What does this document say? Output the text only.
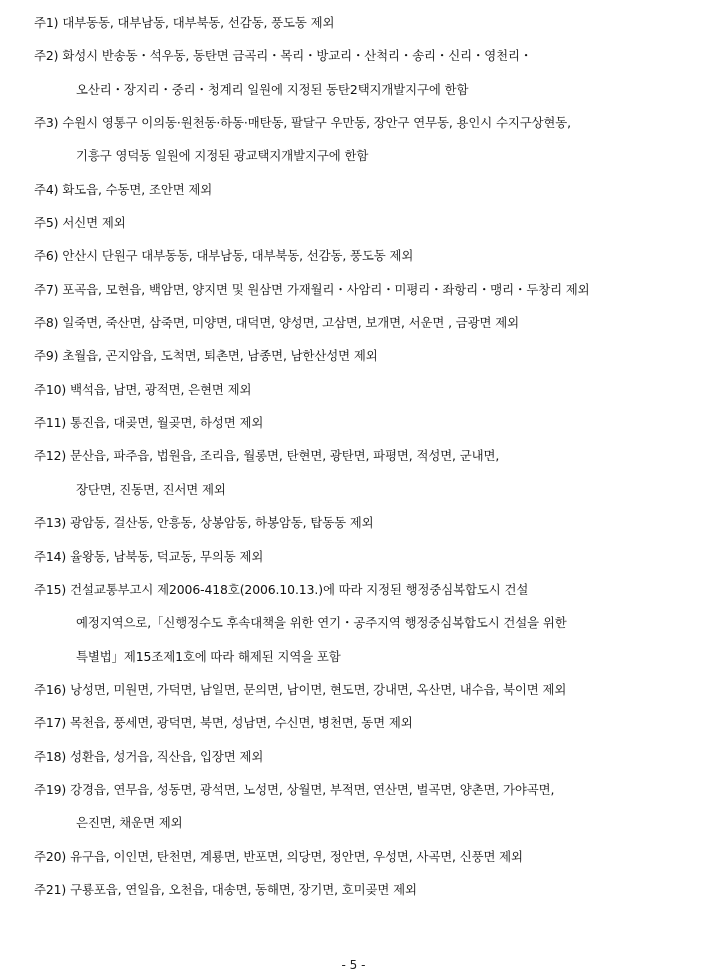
주1) 대부동동, 대부남동, 대부북동, 선감동, 풍도동 제외
주2) 화성시 반송동・석우동, 동탄면 금곡리・목리・방교리・산척리・송리・신리・영천리・
오산리・장지리・중리・청계리 일원에 지정된 동탄2택지개발지구에 한함
주3) 수원시 영통구 이의동·원천동·하동·매탄동, 팔달구 우만동, 장안구 연무동, 용인시 수지구상현동,
기흥구 영덕동 일원에 지정된 광교택지개발지구에 한함
주4) 화도읍, 수동면, 조안면 제외
주5) 서신면 제외
주6) 안산시 단원구 대부동동, 대부남동, 대부북동, 선감동, 풍도동 제외
주7) 포곡읍, 모현읍, 백암면, 양지면 및 원삼면 가재월리・사암리・미평리・좌항리・맹리・두창리 제외
주8) 일죽면, 죽산면, 삼죽면, 미양면, 대덕면, 양성면, 고삼면, 보개면, 서운면 , 금광면 제외
주9) 초월읍, 곤지암읍, 도척면, 퇴촌면, 남종면, 남한산성면 제외
주10) 백석읍, 남면, 광적면, 은현면 제외
주11) 통진읍, 대곶면, 월곶면, 하성면 제외
주12) 문산읍, 파주읍, 법원읍, 조리읍, 월롱면, 탄현면, 광탄면, 파평면, 적성면, 군내면,
장단면, 진동면, 진서면 제외
주13) 광암동, 걸산동, 안흥동, 상봉암동, 하봉암동, 탑동동 제외
주14) 율왕동, 남북동, 덕교동, 무의동 제외
주15) 건설교통부고시 제2006-418호(2006.10.13.)에 따라 지정된 행정중심복합도시 건설
예정지역으로,「신행정수도 후속대책을 위한 연기・공주지역 행정중심복합도시 건설을 위한
특별법」제15조제1호에 따라 해제된 지역을 포함
주16) 낭성면, 미원면, 가덕면, 남일면, 문의면, 남이면, 현도면, 강내면, 옥산면, 내수읍, 북이면 제외
주17) 목천읍, 풍세면, 광덕면, 북면, 성남면, 수신면, 병천면, 동면 제외
주18) 성환읍, 성거읍, 직산읍, 입장면 제외
주19) 강경읍, 연무읍, 성동면, 광석면, 노성면, 상월면, 부적면, 연산면, 벌곡면, 양촌면, 가야곡면,
은진면, 채운면 제외
주20) 유구읍, 이인면, 탄천면, 계룡면, 반포면, 의당면, 정안면, 우성면, 사곡면, 신풍면 제외
주21) 구룡포읍, 연일읍, 오천읍, 대송면, 동해면, 장기면, 호미곶면 제외
- 5 -
